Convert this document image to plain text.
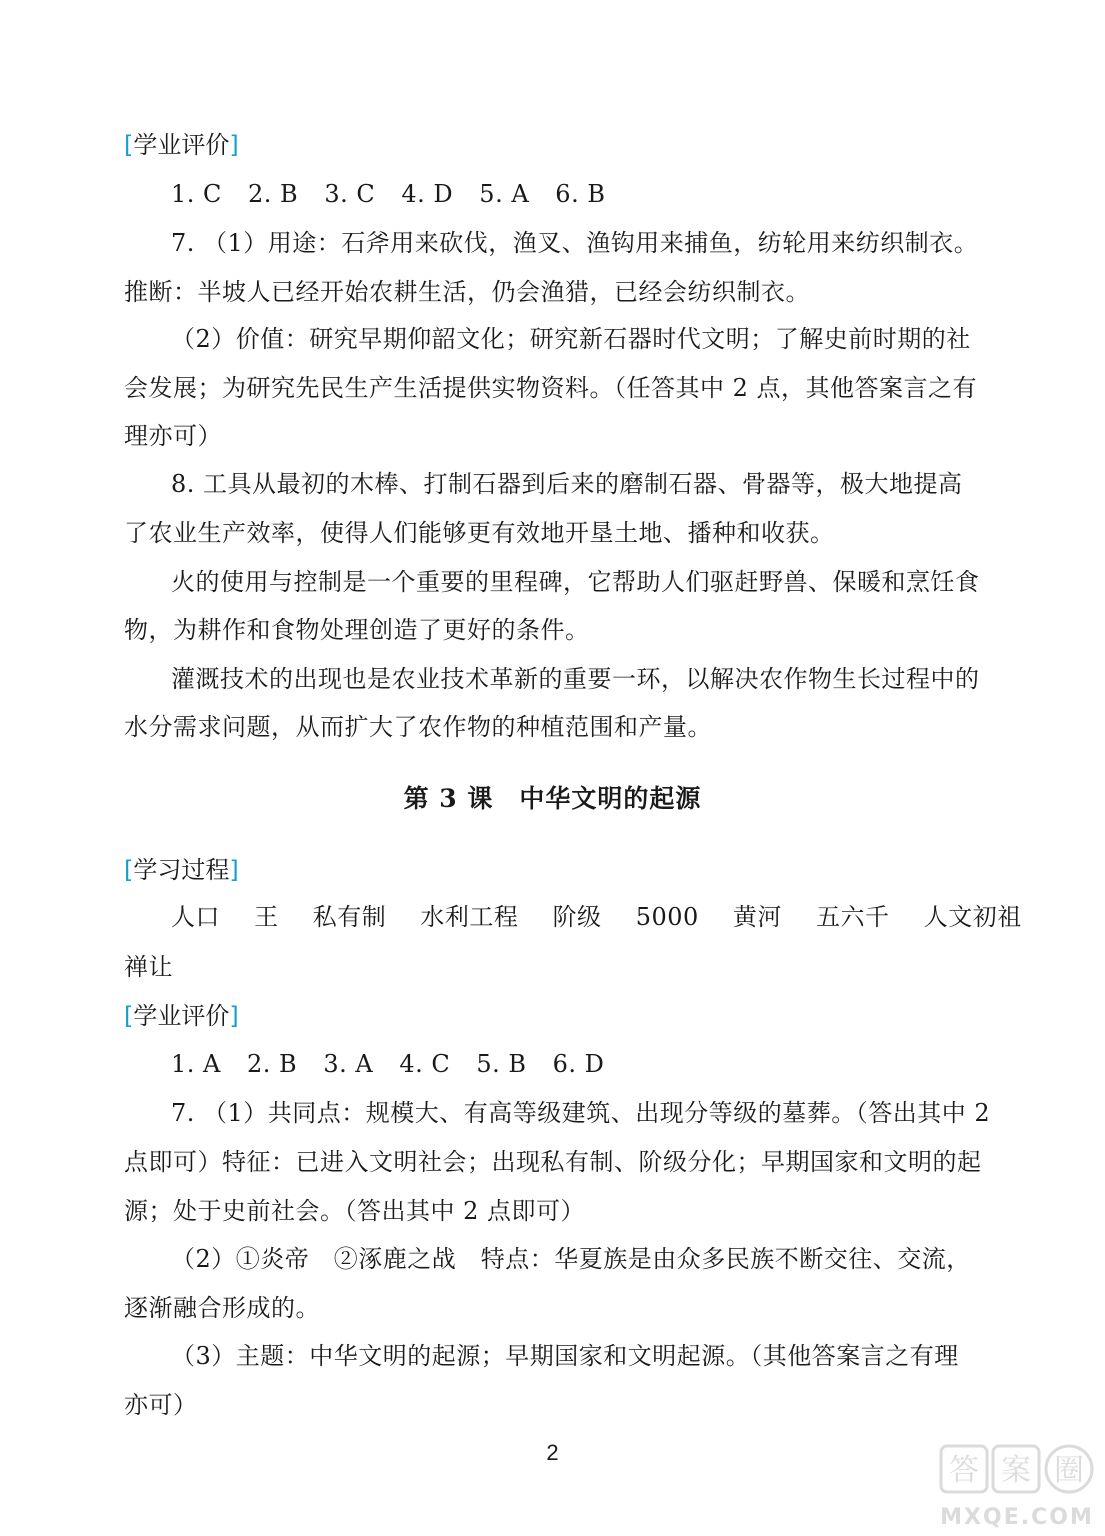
[学业评价]
1. C 2. B 3. C 4. D 5. A 6. B
7. （1）用途：石斧用来砍伐，渔叉、渔钩用来捕鱼，纺轮用来纺织制衣。
推断：半坡人已经开始农耕生活，仍会渔猎，已经会纺织制衣。
（2）价值：研究早期仰韶文化；研究新石器时代文明；了解史前时期的社
会发展；为研究先民生产生活提供实物资料。（任答其中 2 点，其他答案言之有
理亦可）
8. 工具从最初的木棒、打制石器到后来的磨制石器、骨器等，极大地提高
了农业生产效率，使得人们能够更有效地开垦土地、播种和收获。
火的使用与控制是一个重要的里程碑，它帮助人们驱赶野兽、保暖和烹饪食
物，为耕作和食物处理创造了更好的条件。
灌溉技术的出现也是农业技术革新的重要一环，以解决农作物生长过程中的
水分需求问题，从而扩大了农作物的种植范围和产量。
第 3 课　中华文明的起源
[学习过程]
人口 王 私有制 水利工程 阶级 5000 黄河 五六千 人文初祖
禅让
[学业评价]
1. A 2. B 3. A 4. C 5. B 6. D
7. （1）共同点：规模大、有高等级建筑、出现分等级的墓葬。（答出其中 2
点即可）特征：已进入文明社会；出现私有制、阶级分化；早期国家和文明的起
源；处于史前社会。（答出其中 2 点即可）
（2）①炎帝　②涿鹿之战　特点：华夏族是由众多民族不断交往、交流，
逐渐融合形成的。
（3）主题：中华文明的起源；早期国家和文明起源。（其他答案言之有理
亦可）
2
答 案 圈
MXQE.COM
